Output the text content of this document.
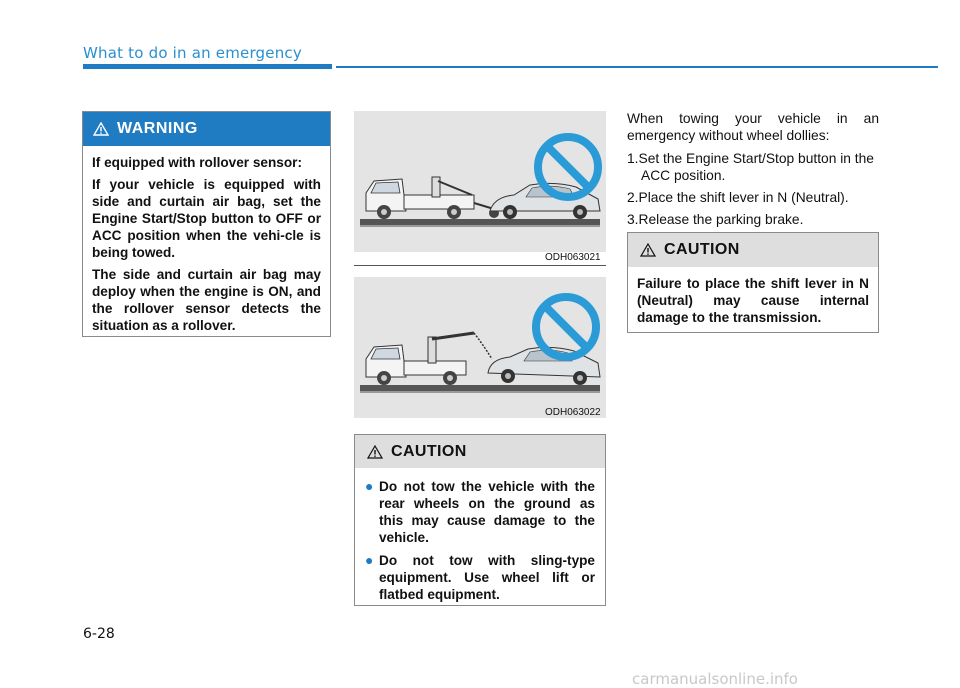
What to do in an emergency
WARNING

If equipped with rollover sensor:

If your vehicle is equipped with side and curtain air bag, set the Engine Start/Stop button to OFF or ACC position when the vehi-cle is being towed.

The side and curtain air bag may deploy when the engine is ON, and the rollover sensor detects the situation as a rollover.

ODH063021
ODH063022
CAUTION
● Do not tow the vehicle with the rear wheels on the ground as this may cause damage to the vehicle.
● Do not tow with sling-type equipment. Use wheel lift or flatbed equipment.

When towing your vehicle in an emergency without wheel dollies:

1.Set the Engine Start/Stop button in the ACC position.
2.Place the shift lever in N (Neutral).
3.Release the parking brake.
CAUTION

Failure to place the shift lever in N (Neutral) may cause internal damage to the transmission.

6-28
carmanualsonline.info
